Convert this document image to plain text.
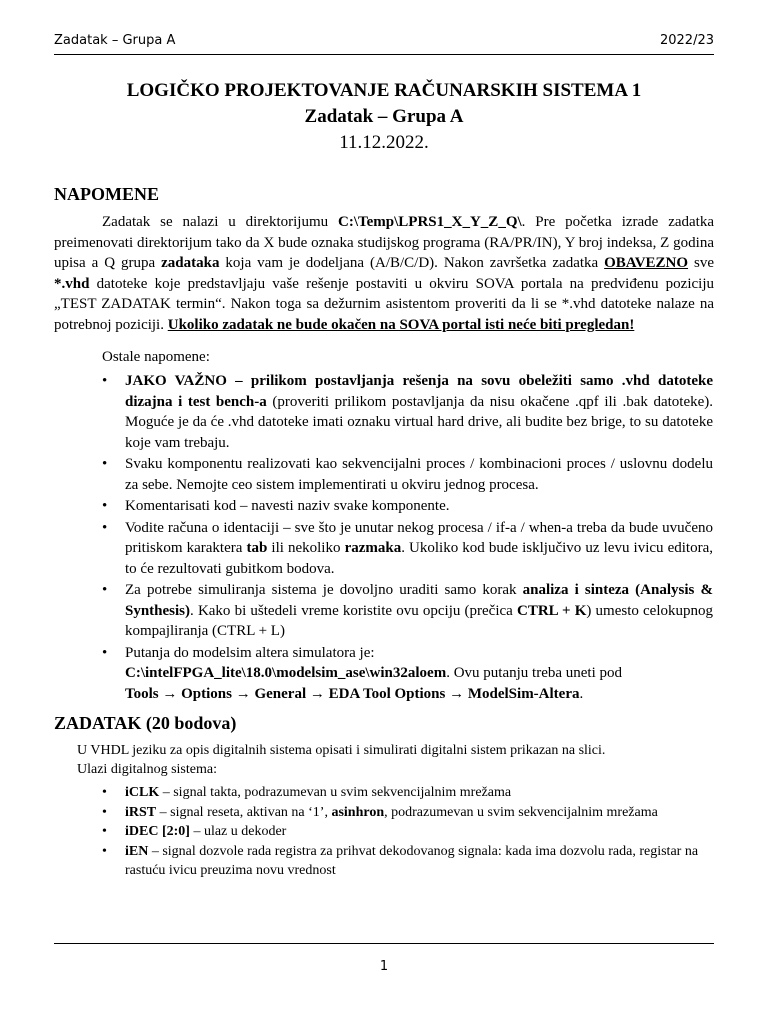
Zadatak – Grupa A	2022/23
LOGIČKO PROJEKTOVANJE RAČUNARSKIH SISTEMA 1
Zadatak – Grupa A
11.12.2022.
NAPOMENE

Zadatak se nalazi u direktorijumu C:\Temp\LPRS1_X_Y_Z_Q\. Pre početka izrade zadatka preimenovati direktorijum tako da X bude oznaka studijskog programa (RA/PR/IN), Y broj indeksa, Z godina upisa a Q grupa zadataka koja vam je dodeljana (A/B/C/D). Nakon završetka zadatka OBAVEZNO sve *.vhd datoteke koje predstavljaju vaše rešenje postaviti u okviru SOVA portala na predviđenu poziciju „TEST ZADATAK termin“. Nakon toga sa dežurnim asistentom proveriti da li se *.vhd datoteke nalaze na potrebnoj poziciji. Ukoliko zadatak ne bude okačen na SOVA portal isti neće biti pregledan!

Ostale napomene:
• JAKO VAŽNO – prilikom postavljanja rešenja na sovu obeležiti samo .vhd datoteke dizajna i test bench-a (proveriti prilikom postavljanja da nisu okačene .qpf ili .bak datoteke). Moguće je da će .vhd datoteke imati oznaku virtual hard drive, ali budite bez brige, to su datoteke koje vam trebaju.
• Svaku komponentu realizovati kao sekvencijalni proces / kombinacioni proces / uslovnu dodelu za sebe. Nemojte ceo sistem implementirati u okviru jednog procesa.
• Komentarisati kod – navesti naziv svake komponente.
• Vodite računa o identaciji – sve što je unutar nekog procesa / if-a / when-a treba da bude uvučeno pritiskom karaktera tab ili nekoliko razmaka. Ukoliko kod bude isključivo uz levu ivicu editora, to će rezultovati gubitkom bodova.
• Za potrebe simuliranja sistema je dovoljno uraditi samo korak analiza i sinteza (Analysis & Synthesis). Kako bi uštedeli vreme koristite ovu opciju (prečica CTRL + K) umesto celokupnog kompajliranja (CTRL + L)
• Putanja do modelsim altera simulatora je:
C:\intelFPGA_lite\18.0\modelsim_ase\win32aloem. Ovu putanju treba uneti pod
Tools → Options → General → EDA Tool Options → ModelSim-Altera.
ZADATAK (20 bodova)
U VHDL jeziku za opis digitalnih sistema opisati i simulirati digitalni sistem prikazan na slici.
Ulazi digitalnog sistema:
• iCLK – signal takta, podrazumevan u svim sekvencijalnim mrežama
• iRST – signal reseta, aktivan na ‘1’, asinhron, podrazumevan u svim sekvencijalnim mrežama
• iDEC [2:0] – ulaz u dekoder
• iEN – signal dozvole rada registra za prihvat dekodovanog signala: kada ima dozvolu rada, registar na rastuću ivicu preuzima novu vrednost
1
